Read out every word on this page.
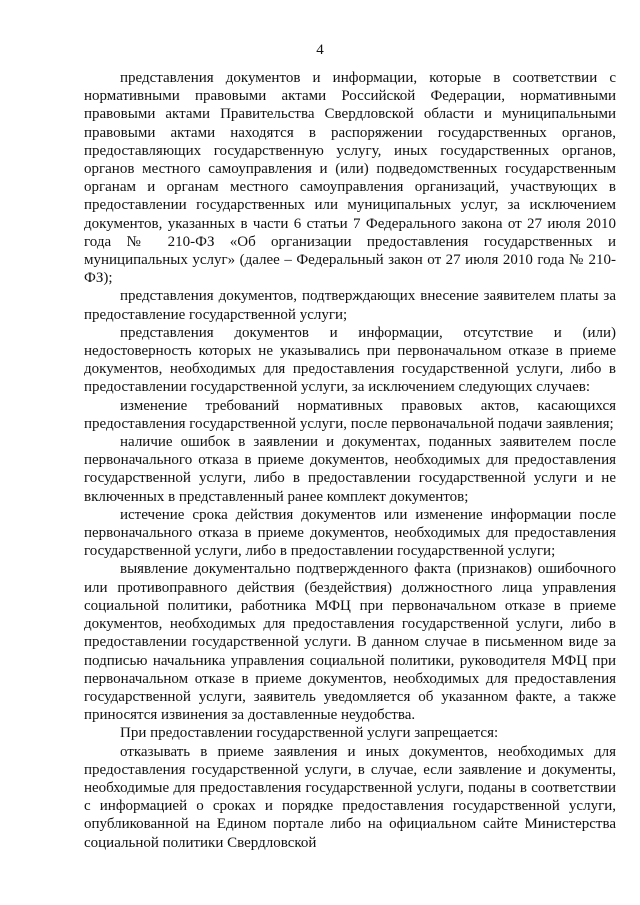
4

представления документов и информации, которые в соответствии с нормативными правовыми актами Российской Федерации, нормативными правовыми актами Правительства Свердловской области и муниципальными правовыми актами находятся в распоряжении государственных органов, предоставляющих государственную услугу, иных государственных органов, органов местного самоуправления и (или) подведомственных государственным органам и органам местного самоуправления организаций, участвующих в предоставлении государственных или муниципальных услуг, за исключением документов, указанных в части 6 статьи 7 Федерального закона от 27 июля 2010 года № 210-ФЗ «Об организации предоставления государственных и муниципальных услуг» (далее – Федеральный закон от 27 июля 2010 года № 210-ФЗ);

представления документов, подтверждающих внесение заявителем платы за предоставление государственной услуги;

представления документов и информации, отсутствие и (или) недостоверность которых не указывались при первоначальном отказе в приеме документов, необходимых для предоставления государственной услуги, либо в предоставлении государственной услуги, за исключением следующих случаев:

изменение требований нормативных правовых актов, касающихся предоставления государственной услуги, после первоначальной подачи заявления;

наличие ошибок в заявлении и документах, поданных заявителем после первоначального отказа в приеме документов, необходимых для предоставления государственной услуги, либо в предоставлении государственной услуги и не включенных в представленный ранее комплект документов;

истечение срока действия документов или изменение информации после первоначального отказа в приеме документов, необходимых для предоставления государственной услуги, либо в предоставлении государственной услуги;

выявление документально подтвержденного факта (признаков) ошибочного или противоправного действия (бездействия) должностного лица управления социальной политики, работника МФЦ при первоначальном отказе в приеме документов, необходимых для предоставления государственной услуги, либо в предоставлении государственной услуги. В данном случае в письменном виде за подписью начальника управления социальной политики, руководителя МФЦ при первоначальном отказе в приеме документов, необходимых для предоставления государственной услуги, заявитель уведомляется об указанном факте, а также приносятся извинения за доставленные неудобства.

При предоставлении государственной услуги запрещается:

отказывать в приеме заявления и иных документов, необходимых для предоставления государственной услуги, в случае, если заявление и документы, необходимые для предоставления государственной услуги, поданы в соответствии с информацией о сроках и порядке предоставления государственной услуги, опубликованной на Едином портале либо на официальном сайте Министерства социальной политики Свердловской
